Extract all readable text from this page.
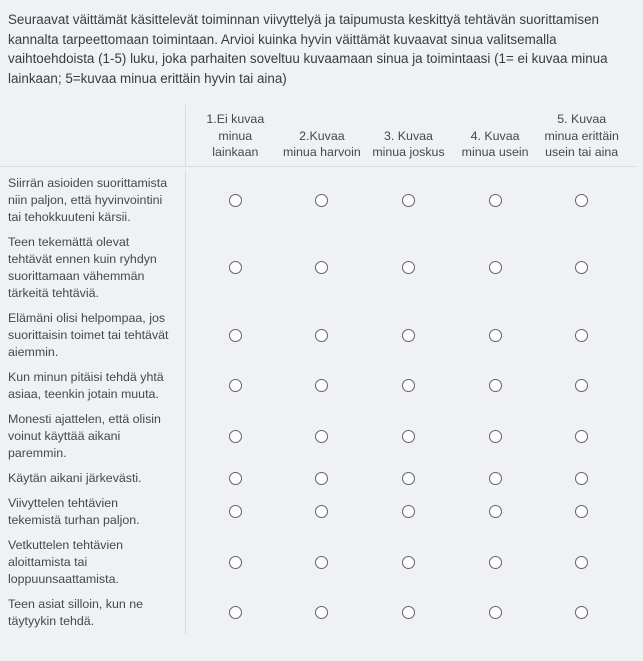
Seuraavat väittämät käsittelevät toiminnan viivyttelyä ja taipumusta keskittyä tehtävän suorittamisen kannalta tarpeettomaan toimintaan. Arvioi kuinka hyvin väittämät kuvaavat sinua valitsemalla vaihtoehdoista (1-5) luku, joka parhaiten soveltuu kuvaamaan sinua ja toimintaasi (1= ei kuvaa minua lainkaan; 5=kuvaa minua erittäin hyvin tai aina)

1.Ei kuvaa minua lainkaan
2.Kuvaa minua harvoin
3. Kuvaa minua joskus
4. Kuvaa minua usein
5. Kuvaa minua erittäin usein tai aina
Siirrän asioiden suorittamista niin paljon, että hyvinvointini tai tehokkuuteni kärsii.
Teen tekemättä olevat tehtävät ennen kuin ryhdyn suorittamaan vähemmän tärkeitä tehtäviä.
Elämäni olisi helpompaa, jos suorittaisin toimet tai tehtävät aiemmin.
Kun minun pitäisi tehdä yhtä asiaa, teenkin jotain muuta.
Monesti ajattelen, että olisin voinut käyttää aikani paremmin.
Käytän aikani järkevästi.
Viivyttelen tehtävien tekemistä turhan paljon.
Vetkuttelen tehtävien aloittamista tai loppuunsaattamista.
Teen asiat silloin, kun ne täytyykin tehdä.
